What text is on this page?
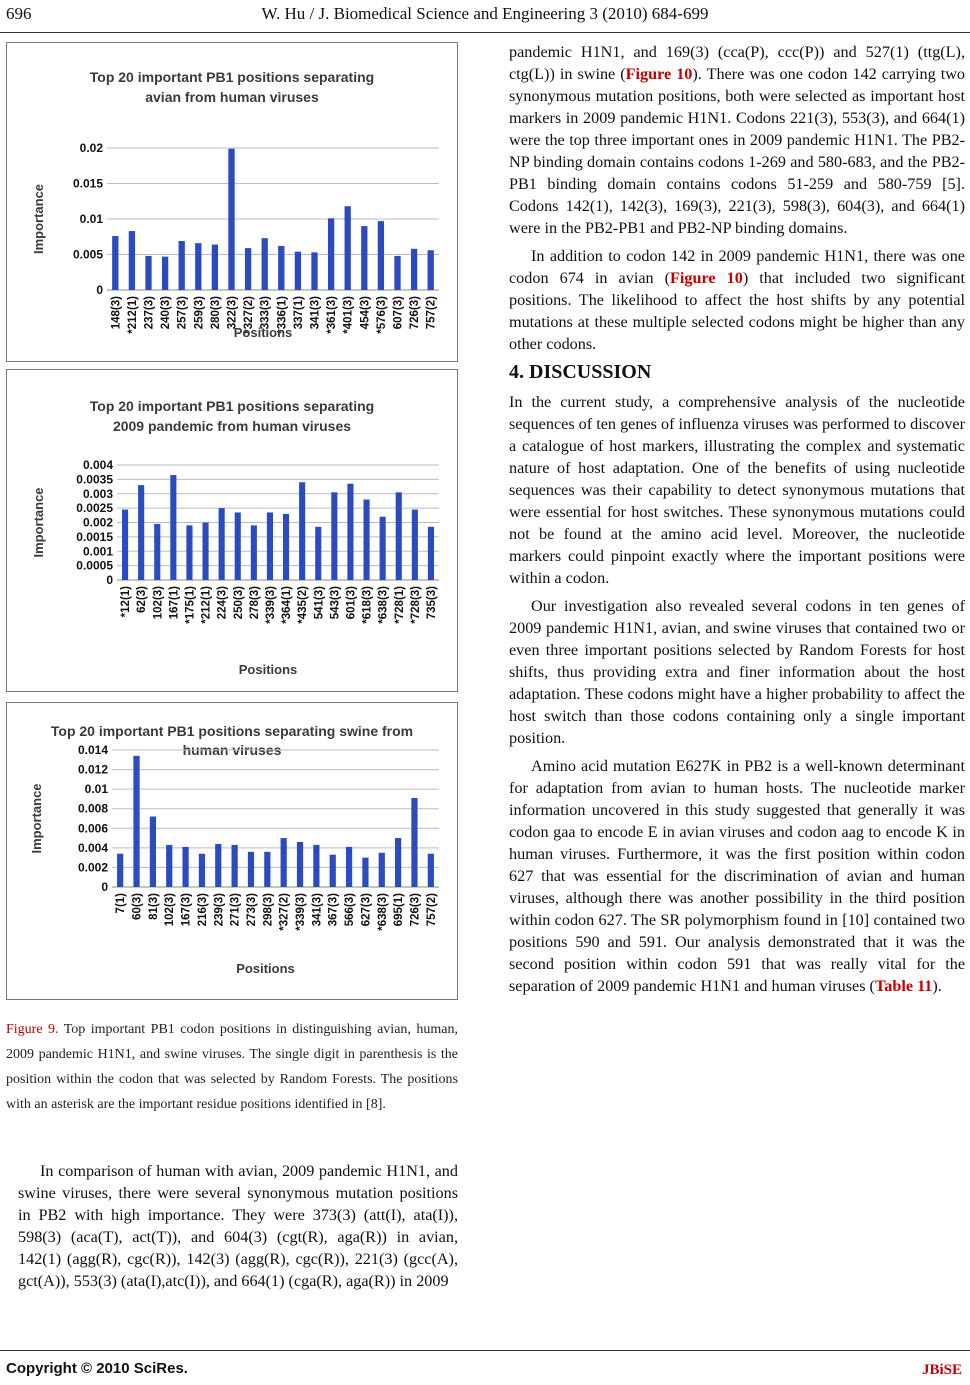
696	W. Hu / J. Biomedical Science and Engineering 3 (2010) 684-699
Top 20 important PB1 positions separating
avian from human viruses
0
0.005
0.01
0.015
0.02
148(3) *212(1) 237(3) 240(3) 257(3) 259(3) 280(3) 322(3) *327(2) 333(3) *336(1) 337(1) 341(3) *361(3) *401(3) 454(3) *576(3) 607(3) 726(3) 757(2)
Importance
Positions
Top 20 important PB1 positions separating
2009 pandemic from human viruses
0
0.0005
0.001
0.0015
0.002
0.0025
0.003
0.0035
0.004
*12(1) 62(3) 102(3) 167(1) *175(1) *212(1) 224(3) 250(3) 278(3) *339(3) *364(1) *435(2) 541(3) 543(3) 601(3) *618(3) *638(3) *728(1) *728(3) 735(3)
Importance
Positions
Top 20 important PB1 positions separating swine from
human viruses
0
0.002
0.004
0.006
0.008
0.01
0.012
0.014
7(1) 60(3) 81(3) 102(3) 167(3) 216(3) 239(3) 271(3) 273(3) 298(3) *327(2) *339(3) 341(3) 367(3) 566(3) 627(3) *638(3) 695(1) 726(3) 757(2)
Importance
Positions
Figure 9. Top important PB1 codon positions in distinguishing avian, human, 2009 pandemic H1N1, and swine viruses. The single digit in parenthesis is the position within the codon that was selected by Random Forests. The positions with an asterisk are the important residue positions identified in [8].

In comparison of human with avian, 2009 pandemic H1N1, and swine viruses, there were several synonymous mutation positions in PB2 with high importance. They were 373(3) (att(I), ata(I)), 598(3) (aca(T), act(T)), and 604(3) (cgt(R), aga(R)) in avian, 142(1) (agg(R), cgc(R)), 142(3) (agg(R), cgc(R)), 221(3) (gcc(A), gct(A)), 553(3) (ata(I),atc(I)), and 664(1) (cga(R), aga(R)) in 2009

pandemic H1N1, and 169(3) (cca(P), ccc(P)) and 527(1) (ttg(L), ctg(L)) in swine (Figure 10). There was one codon 142 carrying two synonymous mutation positions, both were selected as important host markers in 2009 pandemic H1N1. Codons 221(3), 553(3), and 664(1) were the top three important ones in 2009 pandemic H1N1. The PB2-NP binding domain contains codons 1-269 and 580-683, and the PB2-PB1 binding domain contains codons 51-259 and 580-759 [5]. Codons 142(1), 142(3), 169(3), 221(3), 598(3), 604(3), and 664(1) were in the PB2-PB1 and PB2-NP binding domains.

In addition to codon 142 in 2009 pandemic H1N1, there was one codon 674 in avian (Figure 10) that included two significant positions. The likelihood to affect the host shifts by any potential mutations at these multiple selected codons might be higher than any other codons.

4. DISCUSSION

In the current study, a comprehensive analysis of the nucleotide sequences of ten genes of influenza viruses was performed to discover a catalogue of host markers, illustrating the complex and systematic nature of host adaptation. One of the benefits of using nucleotide sequences was their capability to detect synonymous mutations that were essential for host switches. These synonymous mutations could not be found at the amino acid level. Moreover, the nucleotide markers could pinpoint exactly where the important positions were within a codon.

Our investigation also revealed several codons in ten genes of 2009 pandemic H1N1, avian, and swine viruses that contained two or even three important positions selected by Random Forests for host shifts, thus providing extra and finer information about the host adaptation. These codons might have a higher probability to affect the host switch than those codons containing only a single important position.

Amino acid mutation E627K in PB2 is a well-known determinant for adaptation from avian to human hosts. The nucleotide marker information uncovered in this study suggested that generally it was codon gaa to encode E in avian viruses and codon aag to encode K in human viruses. Furthermore, it was the first position within codon 627 that was essential for the discrimination of avian and human viruses, although there was another possibility in the third position within codon 627. The SR polymorphism found in [10] contained two positions 590 and 591. Our analysis demonstrated that it was the second position within codon 591 that was really vital for the separation of 2009 pandemic H1N1 and human viruses (Table 11).

Copyright © 2010 SciRes.	JBiSE
